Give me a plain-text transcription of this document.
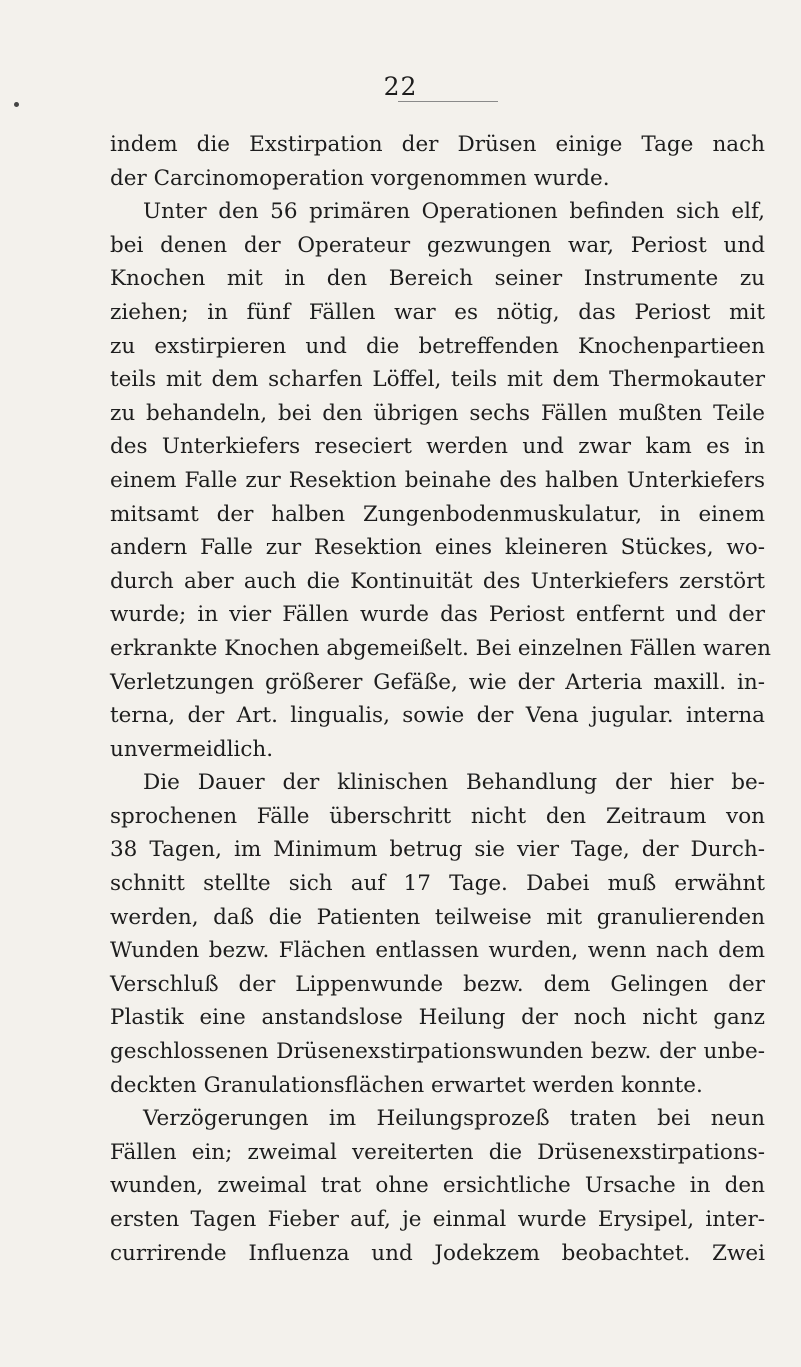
22
indem die Exstirpation der Drüsen einige Tage nach
der Carcinomoperation vorgenommen wurde.
Unter den 56 primären Operationen befinden sich elf,
bei denen der Operateur gezwungen war, Periost und
Knochen mit in den Bereich seiner Instrumente zu
ziehen; in fünf Fällen war es nötig, das Periost mit
zu exstirpieren und die betreffenden Knochenpartieen
teils mit dem scharfen Löffel, teils mit dem Thermokauter
zu behandeln, bei den übrigen sechs Fällen mußten Teile
des Unterkiefers reseciert werden und zwar kam es in
einem Falle zur Resektion beinahe des halben Unterkiefers
mitsamt der halben Zungenbodenmuskulatur, in einem
andern Falle zur Resektion eines kleineren Stückes, wo-
durch aber auch die Kontinuität des Unterkiefers zerstört
wurde; in vier Fällen wurde das Periost entfernt und der
erkrankte Knochen abgemeißelt. Bei einzelnen Fällen waren
Verletzungen größerer Gefäße, wie der Arteria maxill. in-
terna, der Art. lingualis, sowie der Vena jugular. interna
unvermeidlich.
Die Dauer der klinischen Behandlung der hier be-
sprochenen Fälle überschritt nicht den Zeitraum von
38 Tagen, im Minimum betrug sie vier Tage, der Durch-
schnitt stellte sich auf 17 Tage. Dabei muß erwähnt
werden, daß die Patienten teilweise mit granulierenden
Wunden bezw. Flächen entlassen wurden, wenn nach dem
Verschluß der Lippenwunde bezw. dem Gelingen der
Plastik eine anstandslose Heilung der noch nicht ganz
geschlossenen Drüsenexstirpationswunden bezw. der unbe-
deckten Granulationsflächen erwartet werden konnte.
Verzögerungen im Heilungsprozeß traten bei neun
Fällen ein; zweimal vereiterten die Drüsenexstirpations-
wunden, zweimal trat ohne ersichtliche Ursache in den
ersten Tagen Fieber auf, je einmal wurde Erysipel, inter-
currirende Influenza und Jodekzem beobachtet. Zwei
